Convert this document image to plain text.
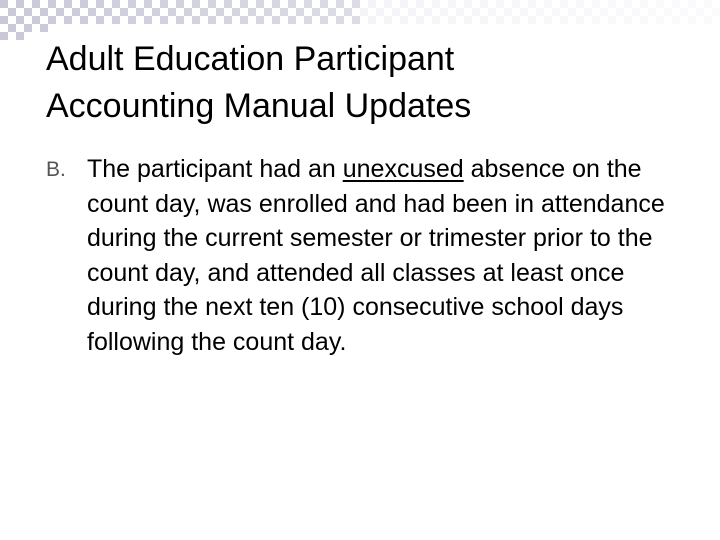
Adult Education Participant
Accounting Manual Updates
B. The participant had an unexcused absence on the count day, was enrolled and had been in attendance during the current semester or trimester prior to the count day, and attended all classes at least once during the next ten (10) consecutive school days following the count day.
